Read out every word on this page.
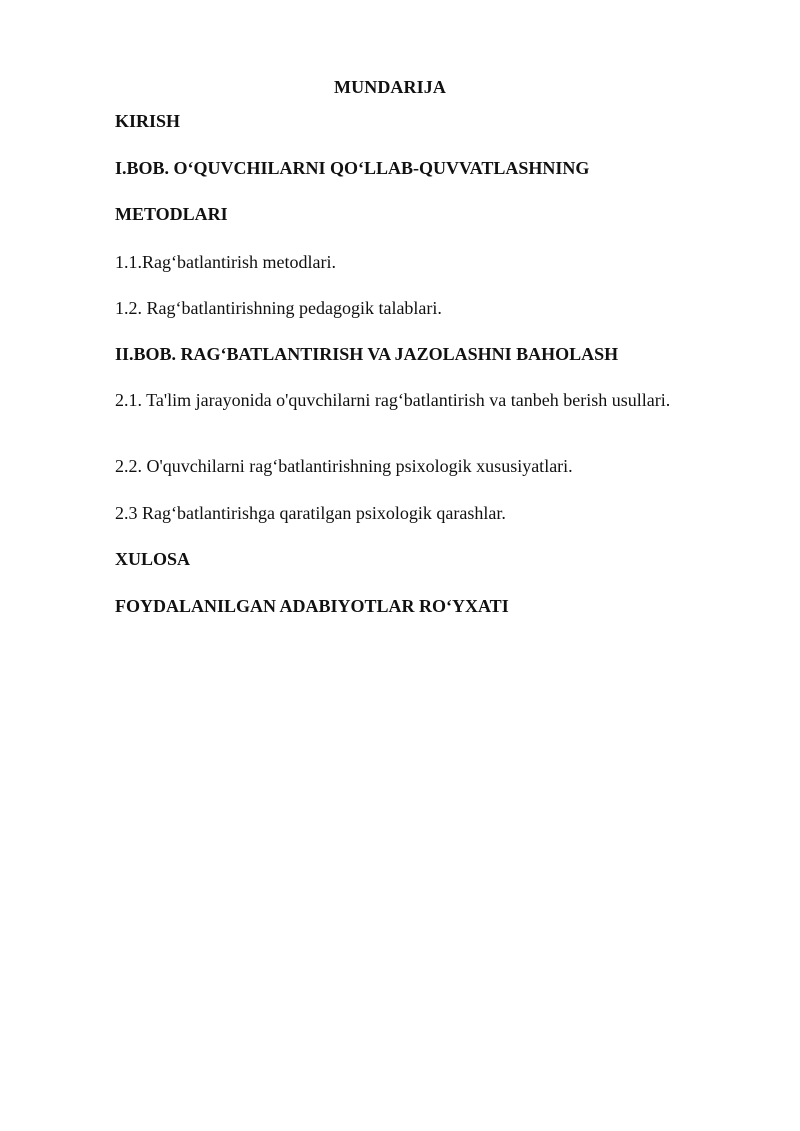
MUNDARIJA
KIRISH
I.BOB. O‘QUVCHILARNI QO‘LLAB-QUVVATLASHNING
METODLARI
1.1.Rag‘batlantirish metodlari.
1.2. Rag‘batlantirishning pedagogik talablari.
II.BOB. RAG‘BATLANTIRISH VA JAZOLASHNI BAHOLASH
2.1. Ta'lim jarayonida o'quvchilarni rag‘batlantirish va tanbeh berish usullari.
2.2. O'quvchilarni rag‘batlantirishning psixologik xususiyatlari.
2.3 Rag‘batlantirishga qaratilgan psixologik qarashlar.
XULOSA
FOYDALANILGAN ADABIYOTLAR RO‘YXATI
